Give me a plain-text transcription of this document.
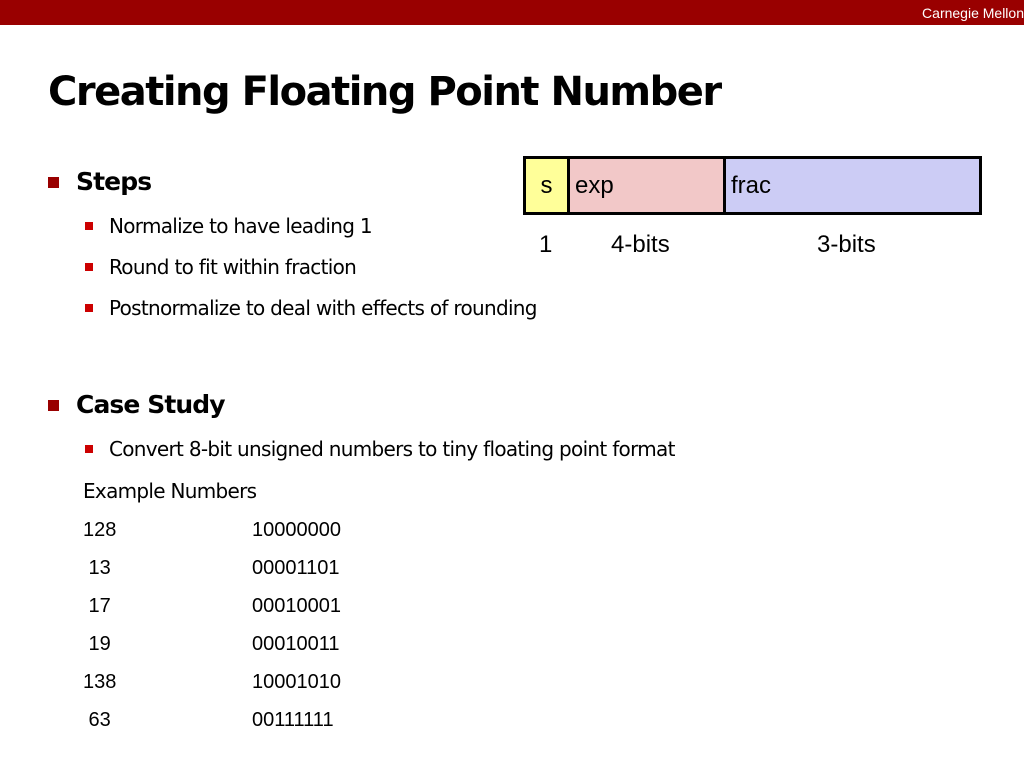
Carnegie Mellon
Creating Floating Point Number
Steps
Normalize to have leading 1
Round to fit within fraction
Postnormalize to deal with effects of rounding
Case Study
Convert 8-bit unsigned numbers to tiny floating point format
Example Numbers
128	10000000
13	00001101
17	00010001
19	00010011
138	10001010
63	00111111
s exp	frac
1 4-bits	3-bits
